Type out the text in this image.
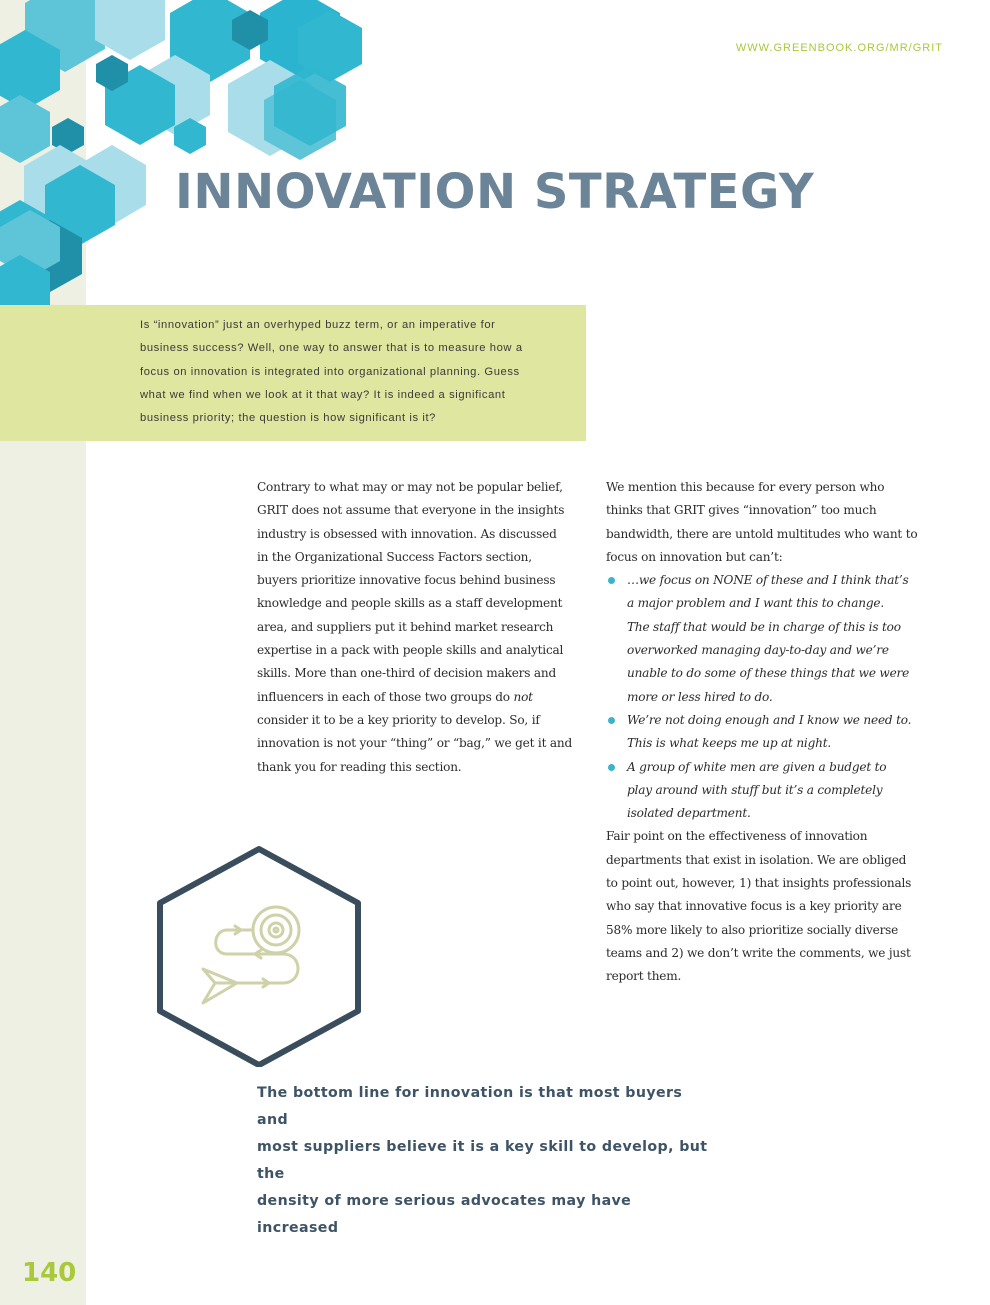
WWW.GREENBOOK.ORG/MR/GRIT
INNOVATION STRATEGY
Is “innovation” just an overhyped buzz term, or an imperative for
business success? Well, one way to answer that is to measure how a
focus on innovation is integrated into organizational planning. Guess
what we find when we look at it that way? It is indeed a significant
business priority; the question is how significant is it?
Contrary to what may or may not be popular belief,
GRIT does not assume that everyone in the insights
industry is obsessed with innovation. As discussed
in the Organizational Success Factors section,
buyers prioritize innovative focus behind business
knowledge and people skills as a staff development
area, and suppliers put it behind market research
expertise in a pack with people skills and analytical
skills. More than one-third of decision makers and
influencers in each of those two groups do not
consider it to be a key priority to develop. So, if
innovation is not your “thing” or “bag,” we get it and
thank you for reading this section.
We mention this because for every person who
thinks that GRIT gives “innovation” too much
bandwidth, there are untold multitudes who want to
focus on innovation but can’t:
…we focus on NONE of these and I think that’s
a major problem and I want this to change.
The staff that would be in charge of this is too
overworked managing day-to-day and we’re
unable to do some of these things that we were
more or less hired to do.
We’re not doing enough and I know we need to.
This is what keeps me up at night.
A group of white men are given a budget to
play around with stuff but it’s a completely
isolated department.
Fair point on the effectiveness of innovation
departments that exist in isolation. We are obliged
to point out, however, 1) that insights professionals
who say that innovative focus is a key priority are
58% more likely to also prioritize socially diverse
teams and 2) we don’t write the comments, we just
report them.
The bottom line for innovation is that most buyers and
most suppliers believe it is a key skill to develop, but the
density of more serious advocates may have increased
140
